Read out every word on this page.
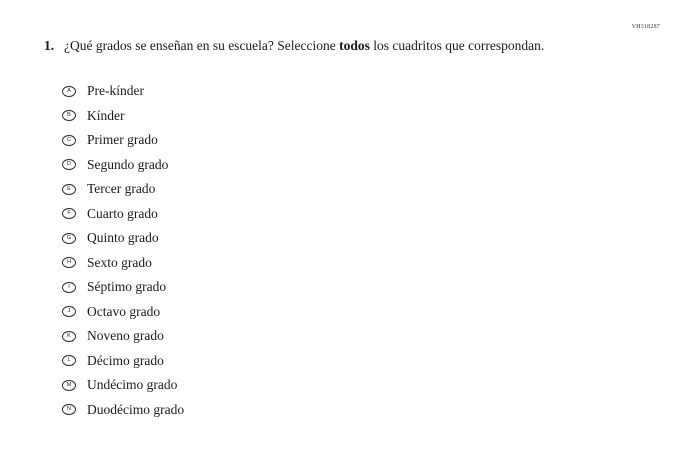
VH318287
1. ¿Qué grados se enseñan en su escuela? Seleccione todos los cuadritos que correspondan.
A	Pre-kínder
B	Kínder
C	Primer grado
D	Segundo grado
E	Tercer grado
F	Cuarto grado
G	Quinto grado
H	Sexto grado
I	Séptimo grado
J	Octavo grado
K	Noveno grado
L	Décimo grado
M	Undécimo grado
N	Duodécimo grado
